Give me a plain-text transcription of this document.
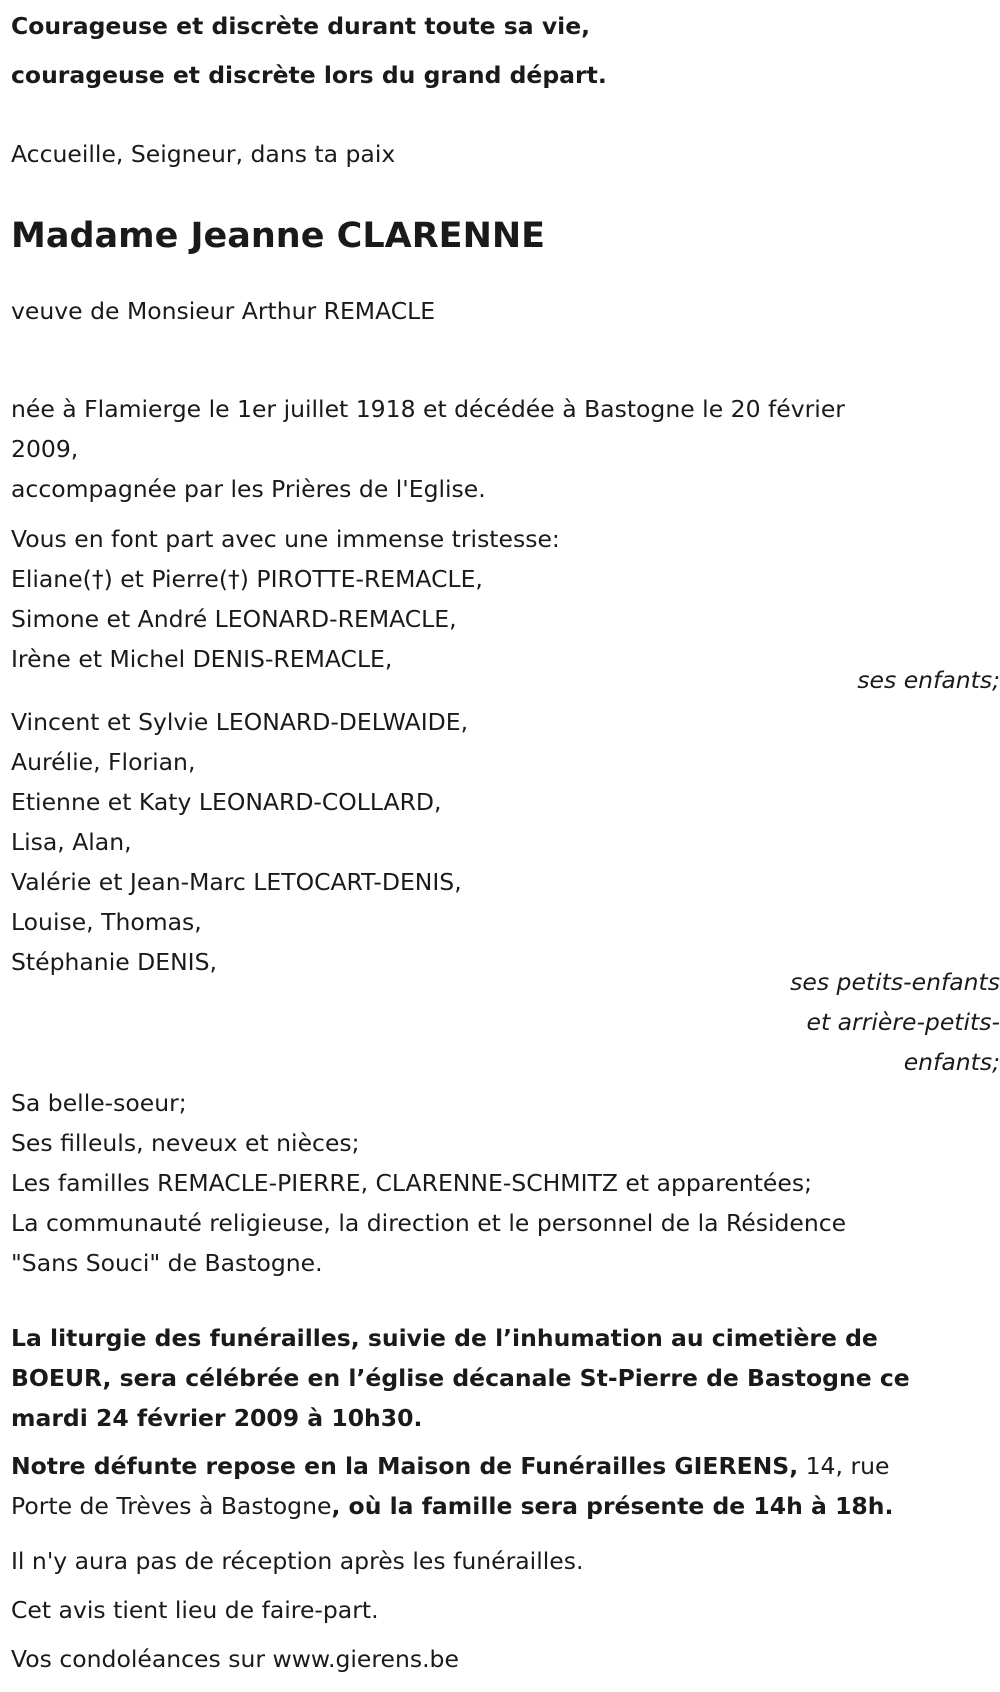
Courageuse et discrète durant toute sa vie,
courageuse et discrète lors du grand départ.
Accueille, Seigneur, dans ta paix
Madame Jeanne CLARENNE
veuve de Monsieur Arthur REMACLE
née à Flamierge le 1er juillet 1918 et décédée à Bastogne le 20 février
2009,
accompagnée par les Prières de l'Eglise.
Vous en font part avec une immense tristesse:
Eliane(†) et Pierre(†) PIROTTE-REMACLE,
Simone et André LEONARD-REMACLE,
Irène et Michel DENIS-REMACLE,
ses enfants;
Vincent et Sylvie LEONARD-DELWAIDE,
Aurélie, Florian,
Etienne et Katy LEONARD-COLLARD,
Lisa, Alan,
Valérie et Jean-Marc LETOCART-DENIS,
Louise, Thomas,
Stéphanie DENIS,
ses petits-enfants
et arrière-petits-
enfants;
Sa belle-soeur;
Ses filleuls, neveux et nièces;
Les familles REMACLE-PIERRE, CLARENNE-SCHMITZ et apparentées;
La communauté religieuse, la direction et le personnel de la Résidence
"Sans Souci" de Bastogne.
La liturgie des funérailles, suivie de l’inhumation au cimetière de
BOEUR, sera célébrée en l’église décanale St-Pierre de Bastogne ce
mardi 24 février 2009 à 10h30.
Notre défunte repose en la Maison de Funérailles GIERENS, 14, rue
Porte de Trèves à Bastogne, où la famille sera présente de 14h à 18h.
Il n'y aura pas de réception après les funérailles.
Cet avis tient lieu de faire-part.
Vos condoléances sur www.gierens.be
